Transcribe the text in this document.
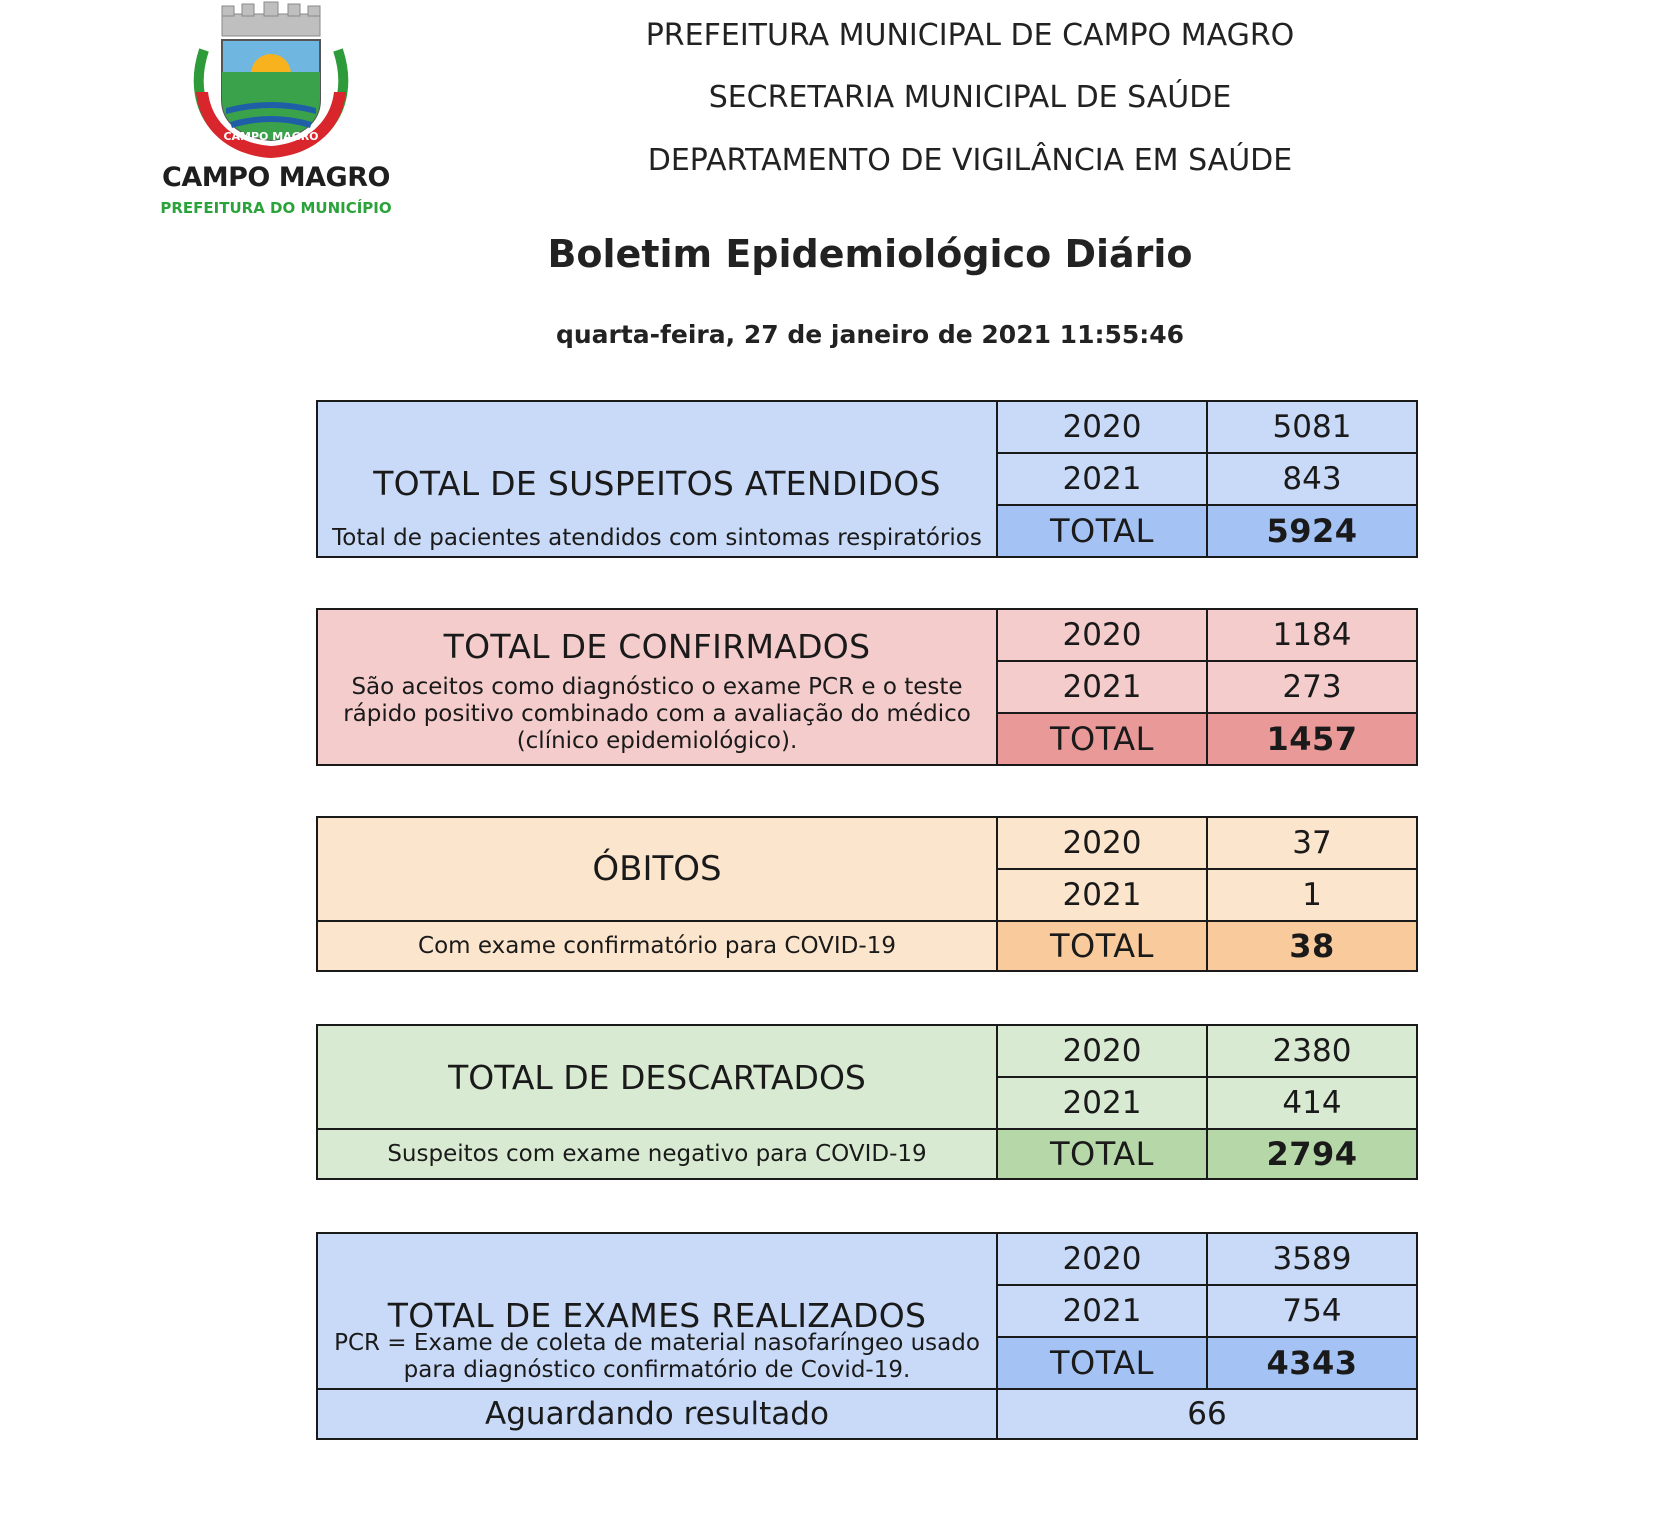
CAMPO MAGRO
CAMPO MAGRO
PREFEITURA DO MUNICÍPIO
PREFEITURA MUNICIPAL DE CAMPO MAGRO
SECRETARIA MUNICIPAL DE SAÚDE
DEPARTAMENTO DE VIGILÂNCIA EM SAÚDE
Boletim Epidemiológico Diário
quarta-feira, 27 de janeiro de 2021 11:55:46
TOTAL DE SUSPEITOS ATENDIDOS
Total de pacientes atendidos com sintomas respiratórios	2020	5081
	2021	843
	TOTAL	5924
TOTAL DE CONFIRMADOS
São aceitos como diagnóstico o exame PCR e o teste rápido positivo combinado com a avaliação do médico (clínico epidemiológico).	2020	1184
	2021	273
	TOTAL	1457
ÓBITOS	2020	37
	2021	1
Com exame confirmatório para COVID-19	TOTAL	38
TOTAL DE DESCARTADOS	2020	2380
	2021	414
Suspeitos com exame negativo para COVID-19	TOTAL	2794
TOTAL DE EXAMES REALIZADOS
PCR = Exame de coleta de material nasofaríngeo usado para diagnóstico confirmatório de Covid-19.	2020	3589
	2021	754
	TOTAL	4343
Aguardando resultado	66	
